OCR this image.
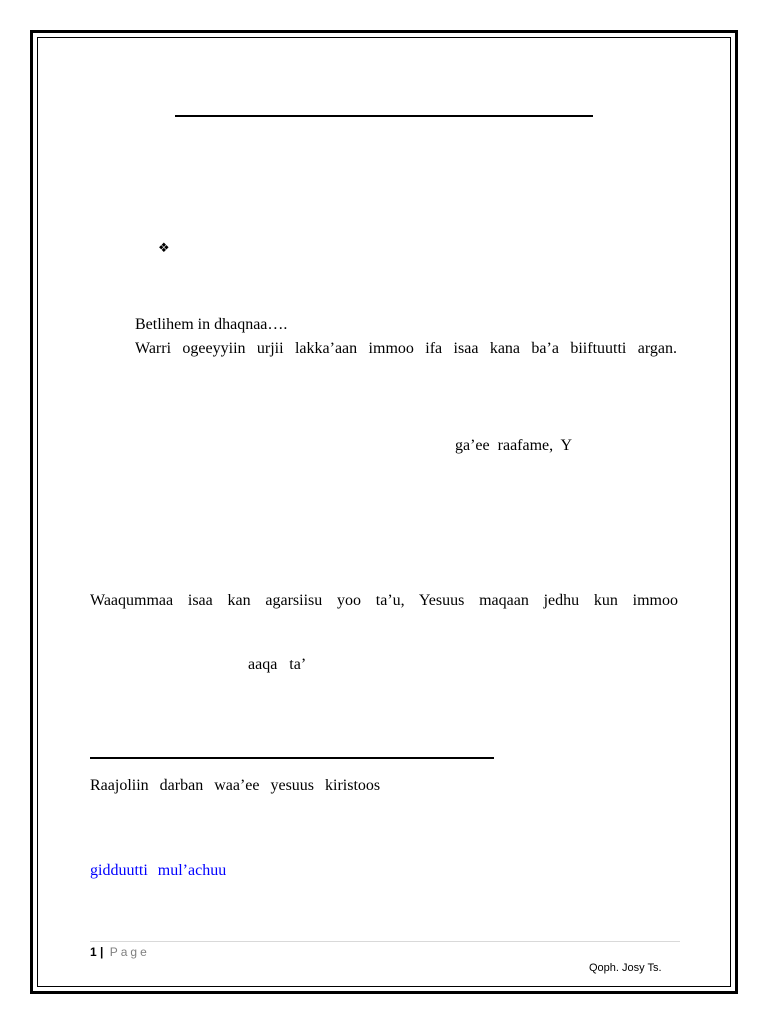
❖
Betlihem in dhaqnaa….
Warri ogeeyyiin urjii lakka’aan immoo ifa isaa kana ba’a biiftuutti argan.
ga’ee raafame, Y
Waaqummaa isaa kan agarsiisu yoo ta’u, Yesuus maqaan jedhu kun immoo
aaqa ta’
Raajoliin darban waa’ee yesuus kiristoos
gidduutti mul’achuu
1 | Page
Qoph. Josy Ts.
